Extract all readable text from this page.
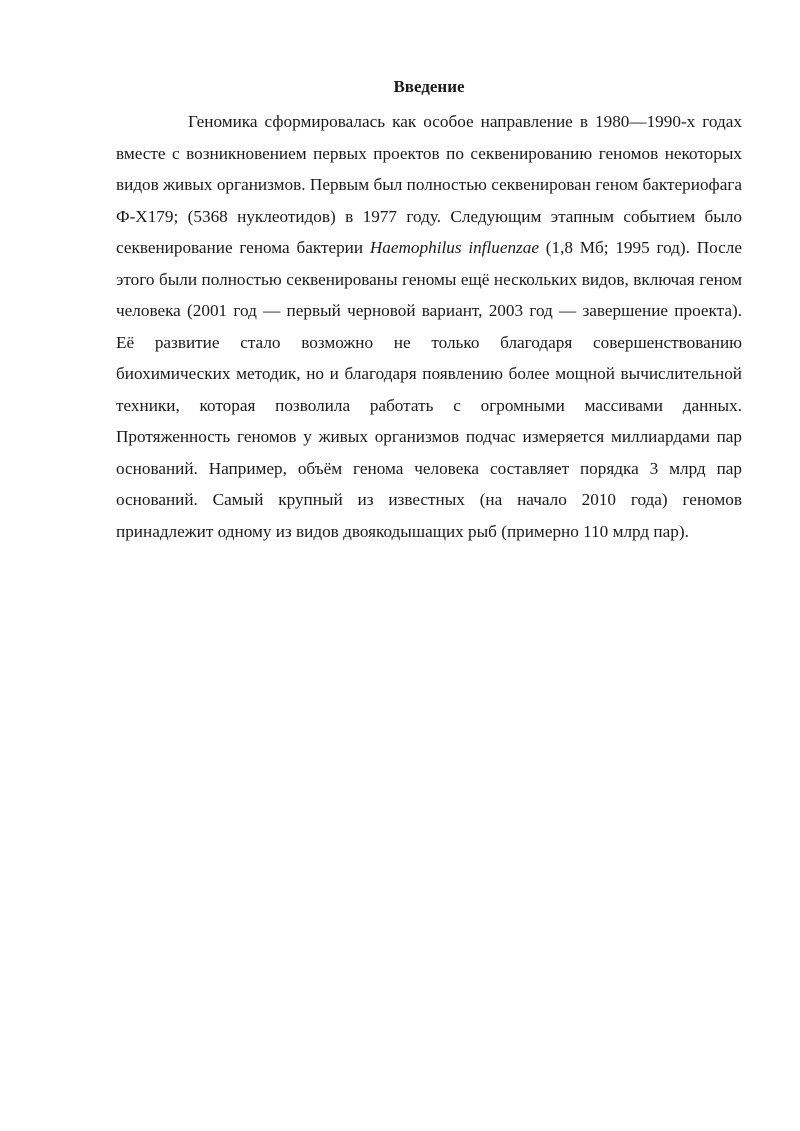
Введение

Геномика сформировалась как особое направление в 1980—1990-х годах вместе с возникновением первых проектов по секвенированию геномов некоторых видов живых организмов. Первым был полностью секвенирован геном бактериофага Ф-X179; (5368 нуклеотидов) в 1977 году. Следующим этапным событием было секвенирование генома бактерии Haemophilus influenzae (1,8 Мб; 1995 год). После этого были полностью секвенированы геномы ещё нескольких видов, включая геном человека (2001 год — первый черновой вариант, 2003 год — завершение проекта). Её развитие стало возможно не только благодаря совершенствованию биохимических методик, но и благодаря появлению более мощной вычислительной техники, которая позволила работать с огромными массивами данных. Протяженность геномов у живых организмов подчас измеряется миллиардами пар оснований. Например, объём генома человека составляет порядка 3 млрд пар оснований. Самый крупный из известных (на начало 2010 года) геномов принадлежит одному из видов двоякодышащих рыб (примерно 110 млрд пар).
